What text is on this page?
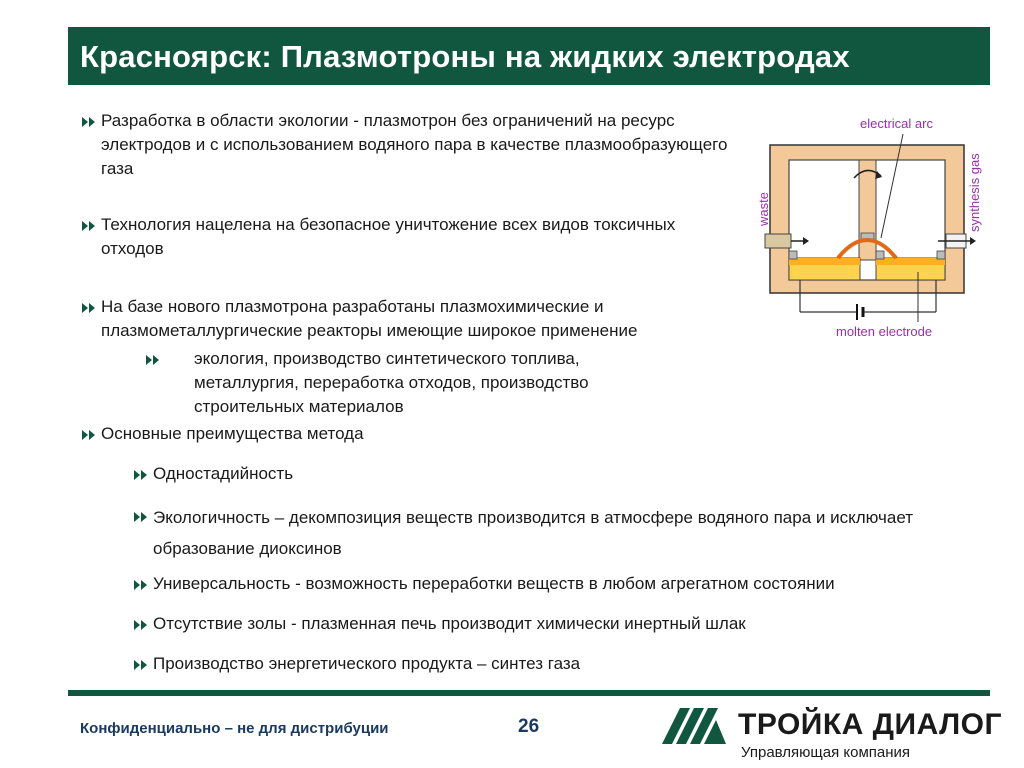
Красноярск: Плазмотроны на жидких электродах
Разработка в области экологии - плазмотрон без ограничений на ресурс электродов и с использованием водяного пара в качестве плазмообразующего газа
Технология нацелена на безопасное уничтожение всех видов токсичных отходов
На базе нового плазмотрона разработаны плазмохимические и плазмометаллургические реакторы имеющие широкое применение
экология, производство синтетического топлива, металлургия, переработка отходов, производство строительных материалов
Основные преимущества метода
Одностадийность
Экологичность – декомпозиция веществ производится в атмосфере водяного пара и исключает образование диоксинов
Универсальность - возможность переработки веществ в любом агрегатном состоянии
Отсутствие золы - плазменная печь производит химически инертный шлак
Производство энергетического продукта – синтез газа
electrical arc
waste	synthesis gas
molten electrode
Конфиденциально – не для дистрибуции	26	ТРОЙКА ДИАЛОГ
Управляющая компания
